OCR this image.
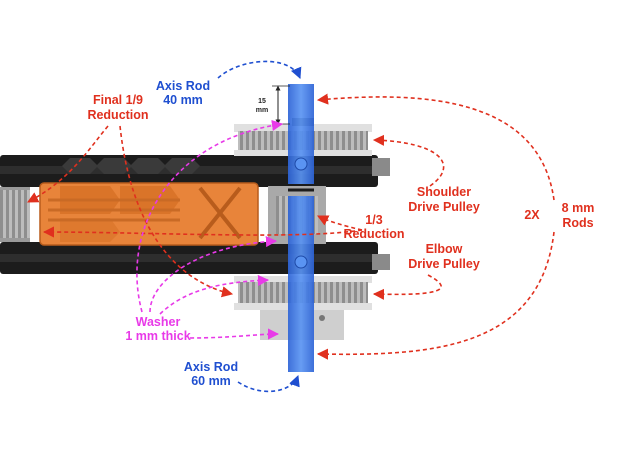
15
mm
Axis Rod
40 mm
Axis Rod
60 mm
Final 1/9
Reduction
1/3
Reduction
Shoulder
Drive Pulley
Elbow
Drive Pulley
Washer
1 mm thick
2X 8 mm
Rods
